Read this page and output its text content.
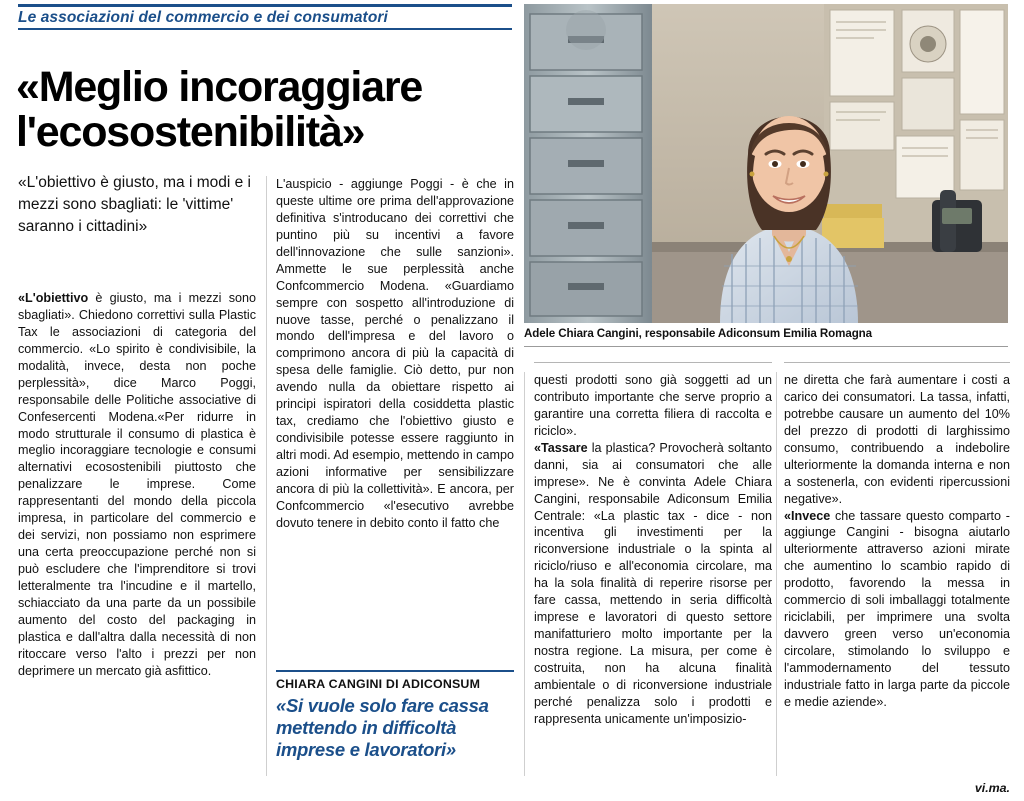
Le associazioni del commercio e dei consumatori
«Meglio incoraggiare
l'ecosostenibilità»
«L'obiettivo è giusto, ma i modi e i mezzi sono sbagliati: le 'vittime' saranno i cittadini»
Adele Chiara Cangini, responsabile Adiconsum Emilia Romagna

«L'obiettivo è giusto, ma i mezzi sono sbagliati». Chiedono correttivi sulla Plastic Tax le associazioni di categoria del commercio. «Lo spirito è condivisibile, la modalità, invece, desta non poche perplessità», dice Marco Poggi, responsabile delle Politiche associative di Confesercenti Modena.«Per ridurre in modo strutturale il consumo di plastica è meglio incoraggiare tecnologie e consumi alternativi ecosostenibili piuttosto che penalizzare le imprese. Come rappresentanti del mondo della piccola impresa, in particolare del commercio e dei servizi, non possiamo non esprimere una certa preoccupazione perché non si può escludere che l'imprenditore si trovi letteralmente tra l'incudine e il martello, schiacciato da una parte da un possibile aumento del costo del packaging in plastica e dall'altra dalla necessità di non ritoccare verso l'alto i prezzi per non deprimere un mercato già asfittico.

L'auspicio - aggiunge Poggi - è che in queste ultime ore prima dell'approvazione definitiva s'introducano dei correttivi che puntino più su incentivi a favore dell'innovazione che sulle sanzioni». Ammette le sue perplessità anche Confcommercio Modena. «Guardiamo sempre con sospetto all'introduzione di nuove tasse, perché o penalizzano il mondo dell'impresa e del lavoro o comprimono ancora di più la capacità di spesa delle famiglie. Ciò detto, pur non avendo nulla da obiettare rispetto ai principi ispiratori della cosiddetta plastic tax, crediamo che l'obiettivo giusto e condivisibile potesse essere raggiunto in altri modi. Ad esempio, mettendo in campo azioni informative per sensibilizzare ancora di più la collettività». E ancora, per Confcommercio «l'esecutivo avrebbe dovuto tenere in debito conto il fatto che

CHIARA CANGINI DI ADICONSUM
«Si vuole solo fare cassa mettendo in difficoltà imprese e lavoratori»

questi prodotti sono già soggetti ad un contributo importante che serve proprio a garantire una corretta filiera di raccolta e riciclo».

«Tassare la plastica? Provocherà soltanto danni, sia ai consumatori che alle imprese». Ne è convinta Adele Chiara Cangini, responsabile Adiconsum Emilia Centrale: «La plastic tax - dice - non incentiva gli investimenti per la riconversione industriale o la spinta al riciclo/riuso e all'economia circolare, ma ha la sola finalità di reperire risorse per fare cassa, mettendo in seria difficoltà imprese e lavoratori di questo settore manifatturiero molto importante per la nostra regione. La misura, per come è costruita, non ha alcuna finalità ambientale o di riconversione industriale perché penalizza solo i prodotti e rappresenta unicamente un'imposizio-

ne diretta che farà aumentare i costi a carico dei consumatori. La tassa, infatti, potrebbe causare un aumento del 10% del prezzo di prodotti di larghissimo consumo, contribuendo a indebolire ulteriormente la domanda interna e non a sostenerla, con evidenti ripercussioni negative».

«Invece che tassare questo comparto - aggiunge Cangini - bisogna aiutarlo ulteriormente attraverso azioni mirate che aumentino lo scambio rapido di prodotto, favorendo la messa in commercio di soli imballaggi totalmente riciclabili, per imprimere una svolta davvero green verso un'economia circolare, stimolando lo sviluppo e l'ammodernamento del tessuto industriale fatto in larga parte da piccole e medie aziende».

vi.ma.
